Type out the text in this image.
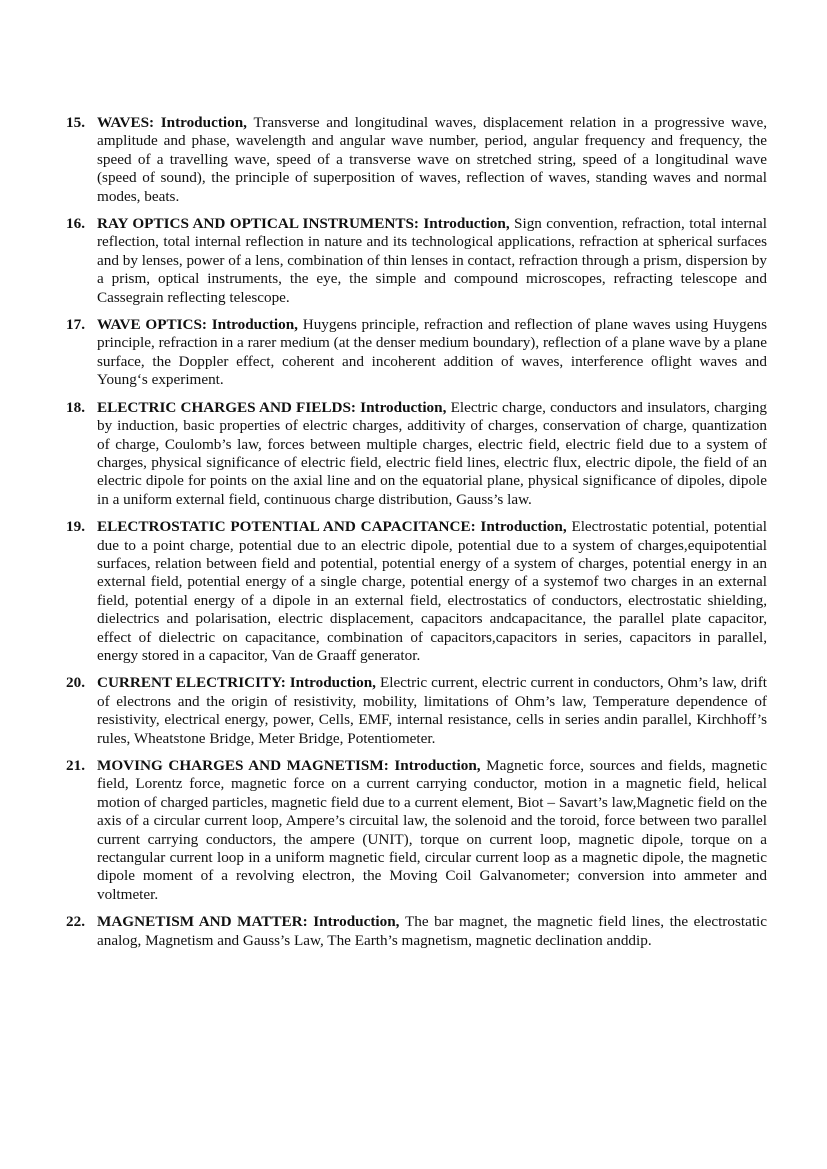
15. WAVES: Introduction, Transverse and longitudinal waves, displacement relation in a progressive wave, amplitude and phase, wavelength and angular wave number, period, angular frequency and frequency, the speed of a travelling wave, speed of a transverse wave on stretched string, speed of a longitudinal wave (speed of sound), the principle of superposition of waves, reflection of waves, standing waves and normal modes, beats.
16. RAY OPTICS AND OPTICAL INSTRUMENTS: Introduction, Sign convention, refraction, total internal reflection, total internal reflection in nature and its technological applications, refraction at spherical surfaces and by lenses, power of a lens, combination of thin lenses in contact, refraction through a prism, dispersion by a prism, optical instruments, the eye, the simple and compound microscopes, refracting telescope and Cassegrain reflecting telescope.
17. WAVE OPTICS: Introduction, Huygens principle, refraction and reflection of plane waves using Huygens principle, refraction in a rarer medium (at the denser medium boundary), reflection of a plane wave by a plane surface, the Doppler effect, coherent and incoherent addition of waves, interference oflight waves and Young‘s experiment.
18. ELECTRIC CHARGES AND FIELDS: Introduction, Electric charge, conductors and insulators, charging by induction, basic properties of electric charges, additivity of charges, conservation of charge, quantization of charge, Coulomb’s law, forces between multiple charges, electric field, electric field due to a system of charges, physical significance of electric field, electric field lines, electric flux, electric dipole, the field of an electric dipole for points on the axial line and on the equatorial plane, physical significance of dipoles, dipole in a uniform external field, continuous charge distribution, Gauss’s law.
19. ELECTROSTATIC POTENTIAL AND CAPACITANCE: Introduction, Electrostatic potential, potential due to a point charge, potential due to an electric dipole, potential due to a system of charges,equipotential surfaces, relation between field and potential, potential energy of a system of charges, potential energy in an external field, potential energy of a single charge, potential energy of a systemof two charges in an external field, potential energy of a dipole in an external field, electrostatics of conductors, electrostatic shielding, dielectrics and polarisation, electric displacement, capacitors andcapacitance, the parallel plate capacitor, effect of dielectric on capacitance, combination of capacitors,capacitors in series, capacitors in parallel, energy stored in a capacitor, Van de Graaff generator.
20. CURRENT ELECTRICITY: Introduction, Electric current, electric current in conductors, Ohm’s law, drift of electrons and the origin of resistivity, mobility, limitations of Ohm’s law, Temperature dependence of resistivity, electrical energy, power, Cells, EMF, internal resistance, cells in series andin parallel, Kirchhoff’s rules, Wheatstone Bridge, Meter Bridge, Potentiometer.
21. MOVING CHARGES AND MAGNETISM: Introduction, Magnetic force, sources and fields, magnetic field, Lorentz force, magnetic force on a current carrying conductor, motion in a magnetic field, helical motion of charged particles, magnetic field due to a current element, Biot – Savart’s law,Magnetic field on the axis of a circular current loop, Ampere’s circuital law, the solenoid and the toroid, force between two parallel current carrying conductors, the ampere (UNIT), torque on current loop, magnetic dipole, torque on a rectangular current loop in a uniform magnetic field, circular current loop as a magnetic dipole, the magnetic dipole moment of a revolving electron, the Moving Coil Galvanometer; conversion into ammeter and voltmeter.
22. MAGNETISM AND MATTER: Introduction, The bar magnet, the magnetic field lines, the electrostatic analog, Magnetism and Gauss’s Law, The Earth’s magnetism, magnetic declination anddip.
